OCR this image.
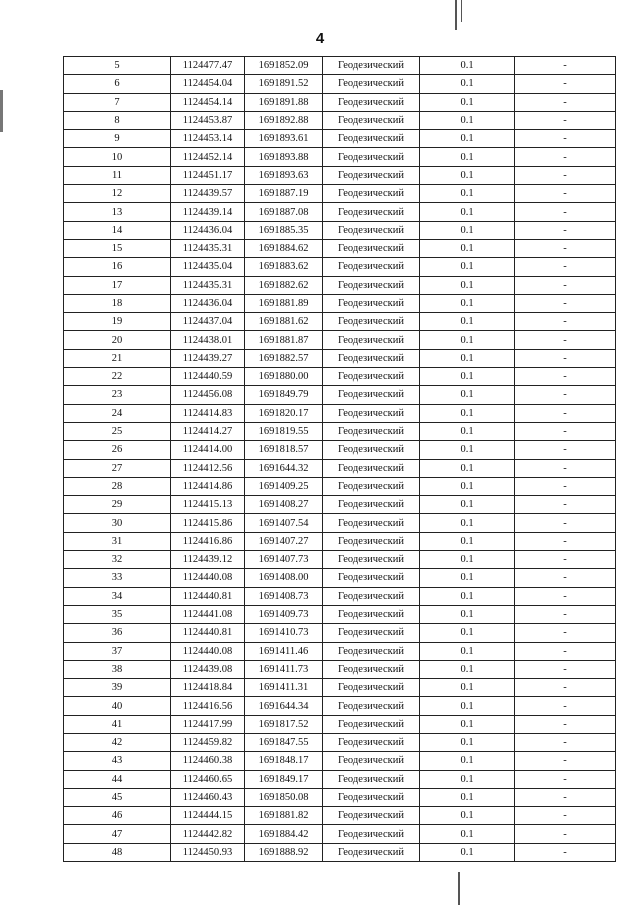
4
5	1124477.47	1691852.09	Геодезический	0.1	-
6	1124454.04	1691891.52	Геодезический	0.1	-
7	1124454.14	1691891.88	Геодезический	0.1	-
8	1124453.87	1691892.88	Геодезический	0.1	-
9	1124453.14	1691893.61	Геодезический	0.1	-
10	1124452.14	1691893.88	Геодезический	0.1	-
11	1124451.17	1691893.63	Геодезический	0.1	-
12	1124439.57	1691887.19	Геодезический	0.1	-
13	1124439.14	1691887.08	Геодезический	0.1	-
14	1124436.04	1691885.35	Геодезический	0.1	-
15	1124435.31	1691884.62	Геодезический	0.1	-
16	1124435.04	1691883.62	Геодезический	0.1	-
17	1124435.31	1691882.62	Геодезический	0.1	-
18	1124436.04	1691881.89	Геодезический	0.1	-
19	1124437.04	1691881.62	Геодезический	0.1	-
20	1124438.01	1691881.87	Геодезический	0.1	-
21	1124439.27	1691882.57	Геодезический	0.1	-
22	1124440.59	1691880.00	Геодезический	0.1	-
23	1124456.08	1691849.79	Геодезический	0.1	-
24	1124414.83	1691820.17	Геодезический	0.1	-
25	1124414.27	1691819.55	Геодезический	0.1	-
26	1124414.00	1691818.57	Геодезический	0.1	-
27	1124412.56	1691644.32	Геодезический	0.1	-
28	1124414.86	1691409.25	Геодезический	0.1	-
29	1124415.13	1691408.27	Геодезический	0.1	-
30	1124415.86	1691407.54	Геодезический	0.1	-
31	1124416.86	1691407.27	Геодезический	0.1	-
32	1124439.12	1691407.73	Геодезический	0.1	-
33	1124440.08	1691408.00	Геодезический	0.1	-
34	1124440.81	1691408.73	Геодезический	0.1	-
35	1124441.08	1691409.73	Геодезический	0.1	-
36	1124440.81	1691410.73	Геодезический	0.1	-
37	1124440.08	1691411.46	Геодезический	0.1	-
38	1124439.08	1691411.73	Геодезический	0.1	-
39	1124418.84	1691411.31	Геодезический	0.1	-
40	1124416.56	1691644.34	Геодезический	0.1	-
41	1124417.99	1691817.52	Геодезический	0.1	-
42	1124459.82	1691847.55	Геодезический	0.1	-
43	1124460.38	1691848.17	Геодезический	0.1	-
44	1124460.65	1691849.17	Геодезический	0.1	-
45	1124460.43	1691850.08	Геодезический	0.1	-
46	1124444.15	1691881.82	Геодезический	0.1	-
47	1124442.82	1691884.42	Геодезический	0.1	-
48	1124450.93	1691888.92	Геодезический	0.1	-
